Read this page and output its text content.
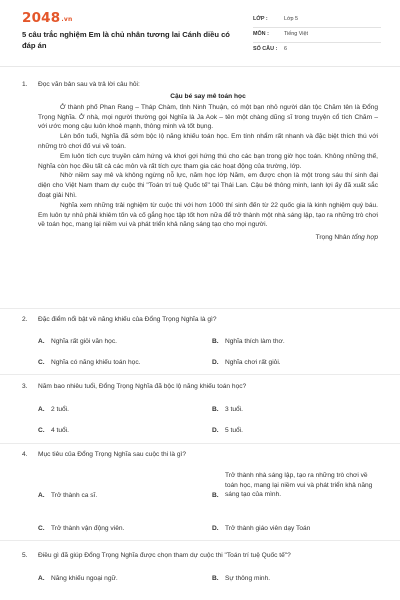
2048.vn
5 câu trắc nghiệm Em là chủ nhân tương lai Cánh diều có đáp án
LỚP :	Lớp 5
MÔN :	Tiếng Việt
SỐ CÂU : 6
1. Đọc văn bản sau và trả lời câu hỏi:

Cậu bé say mê toán học

Ở thành phố Phan Rang – Tháp Chàm, tỉnh Ninh Thuận, có một bạn nhỏ người dân tộc Chăm tên là Đổng Trọng Nghĩa. Ở nhà, mọi người thường gọi Nghĩa là Ja Aok – tên một chàng dũng sĩ trong truyện cổ tích Chăm – với ước mong cậu luôn khoẻ mạnh, thông minh và tốt bụng.

Lên bốn tuổi, Nghĩa đã sớm bộc lộ năng khiếu toán học. Em tính nhẩm rất nhanh và đặc biệt thích thú với những trò chơi đố vui về toán.

Em luôn tích cực truyền cảm hứng và khơi gợi hứng thú cho các bạn trong giờ học toán. Không những thế, Nghĩa còn học đều tất cả các môn và rất tích cực tham gia các hoạt động của trường, lớp.

Nhờ niềm say mê và không ngừng nỗ lực, năm học lớp Năm, em được chọn là một trong sáu thí sinh đại diện cho Việt Nam tham dự cuộc thi "Toán trí tuệ Quốc tế" tại Thái Lan. Cậu bé thông minh, lanh lợi ấy đã xuất sắc đoạt giải Nhì.

Nghĩa xem những trải nghiệm từ cuộc thi với hơn 1000 thí sinh đến từ 22 quốc gia là kinh nghiệm quý báu. Em luôn tự nhủ phải khiêm tốn và cố gắng học tập tốt hơn nữa để trở thành một nhà sáng lập, tạo ra những trò chơi về toán học, mang lại niềm vui và phát triển khả năng sáng tạo cho mọi người.

Trọng Nhân tổng hợp

2. Đặc điểm nổi bật về năng khiếu của Đổng Trọng Nghĩa là gì?
A. Nghĩa rất giỏi văn học.	B. Nghĩa thích làm thơ.
C. Nghĩa có năng khiếu toán học.	D. Nghĩa chơi rất giỏi.
3. Năm bao nhiêu tuổi, Đổng Trọng Nghĩa đã bộc lộ năng khiếu toán học?
A. 2 tuổi.	B. 3 tuổi.
C. 4 tuổi.	D. 5 tuổi.
4. Mục tiêu của Đổng Trọng Nghĩa sau cuộc thi là gì?
A. Trở thành ca sĩ.	B.
Trở thành nhà sáng lập, tạo ra những trò chơi về toán học, mang lại niềm vui và phát triển khả năng sáng tạo của mình.
C. Trở thành vận động viên.	D. Trở thành giáo viên dạy Toán
5. Điều gì đã giúp Đổng Trọng Nghĩa được chọn tham dự cuộc thi "Toán trí tuệ Quốc tế"?
A. Năng khiếu ngoại ngữ.	B. Sự thông minh.
